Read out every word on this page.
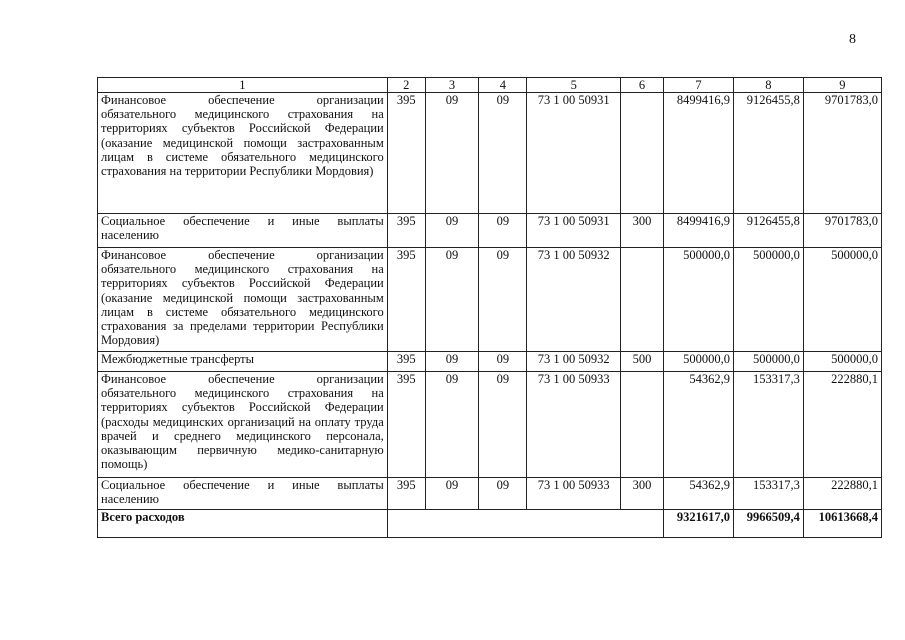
8
1	2	3	4	5	6	7	8	9
Финансовое обеспечение организации обязательного медицинского страхования на территориях субъектов Российской Федерации (оказание медицинской помощи застрахованным лицам в системе обязательного медицинского страхования на территории Республики Мордовия)	395	09	09	73 1 00 50931		8499416,9	9126455,8	9701783,0
Социальное обеспечение и иные выплаты населению	395	09	09	73 1 00 50931	300	8499416,9	9126455,8	9701783,0
Финансовое обеспечение организации обязательного медицинского страхования на территориях субъектов Российской Федерации (оказание медицинской помощи застрахованным лицам в системе обязательного медицинского страхования за пределами территории Республики Мордовия)	395	09	09	73 1 00 50932		500000,0	500000,0	500000,0
Межбюджетные трансферты	395	09	09	73 1 00 50932	500	500000,0	500000,0	500000,0
Финансовое обеспечение организации обязательного медицинского страхования на территориях субъектов Российской Федерации (расходы медицинских организаций на оплату труда врачей и среднего медицинского персонала, оказывающим первичную медико-санитарную помощь)	395	09	09	73 1 00 50933		54362,9	153317,3	222880,1
Социальное обеспечение и иные выплаты населению	395	09	09	73 1 00 50933	300	54362,9	153317,3	222880,1
Всего расходов						9321617,0	9966509,4	10613668,4
